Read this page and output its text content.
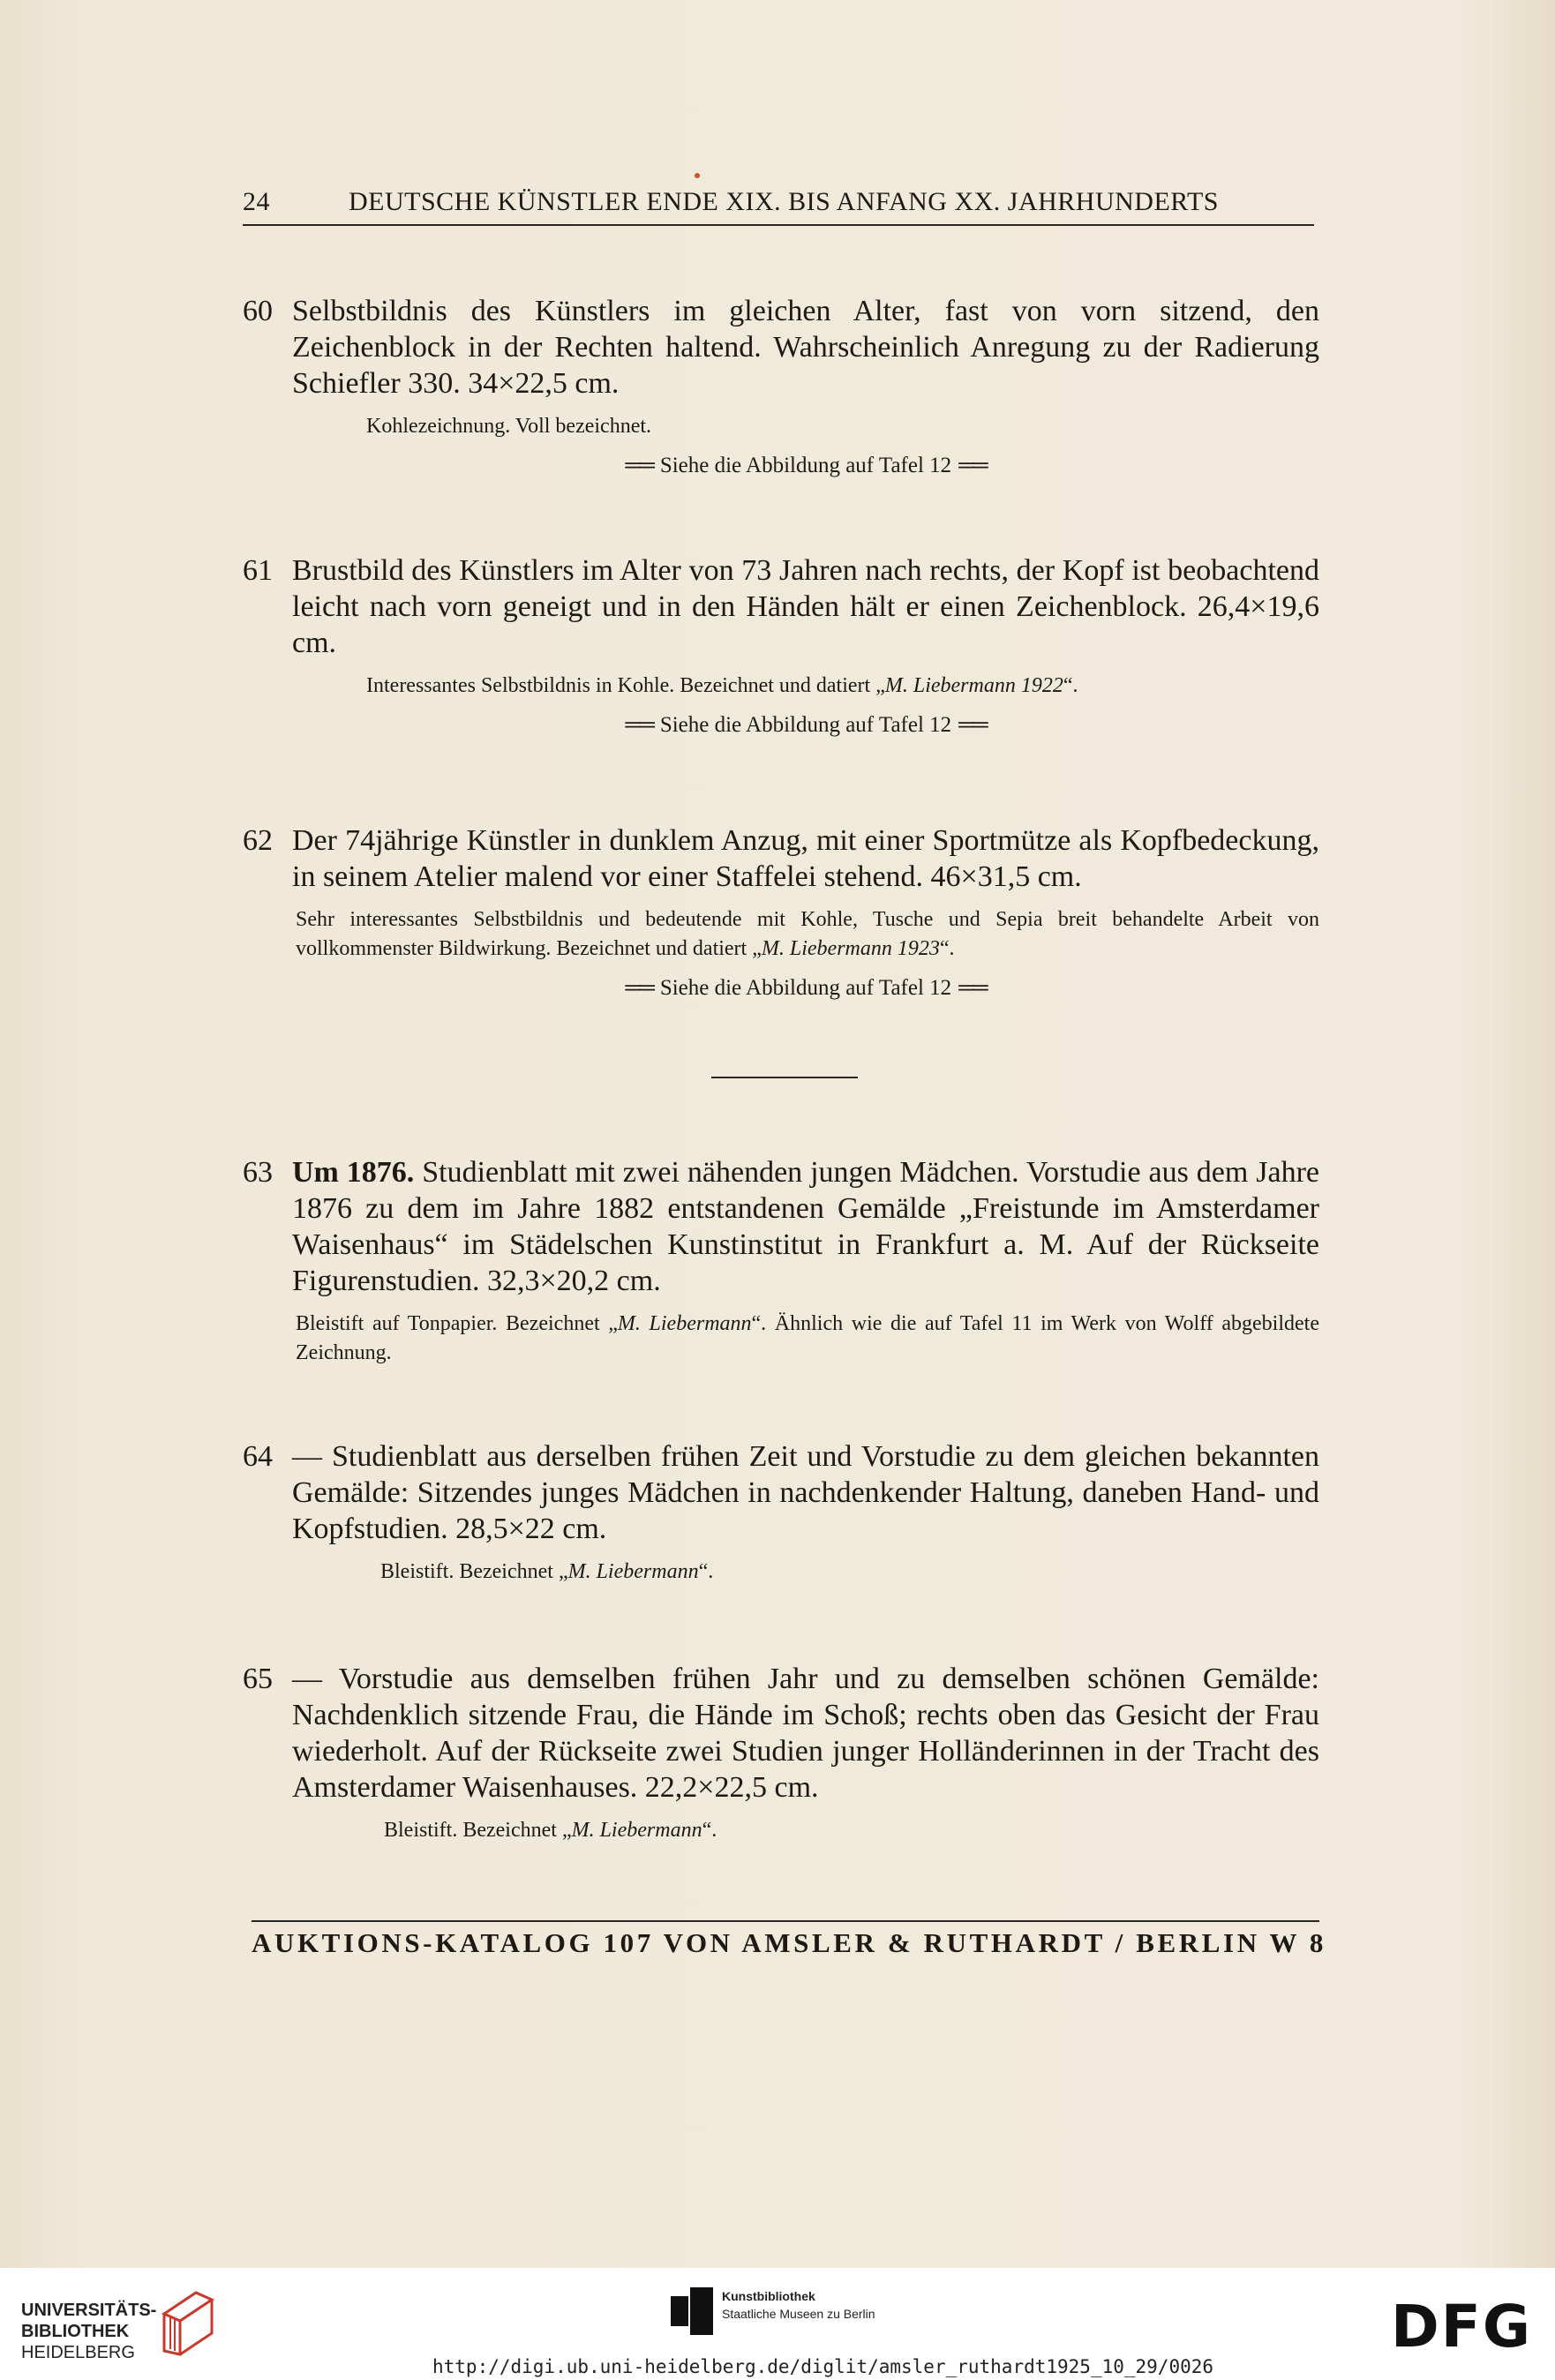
24	DEUTSCHE KÜNSTLER ENDE XIX. BIS ANFANG XX. JAHRHUNDERTS
60 Selbstbildnis des Künstlers im gleichen Alter, fast von vorn sitzend, den Zeichenblock in der Rechten haltend. Wahrscheinlich Anregung zu der Radierung Schiefler 330. 34×22,5 cm.
Kohlezeichnung. Voll bezeichnet.
══ Siehe die Abbildung auf Tafel 12 ══
61 Brustbild des Künstlers im Alter von 73 Jahren nach rechts, der Kopf ist beobachtend leicht nach vorn geneigt und in den Händen hält er einen Zeichenblock. 26,4×19,6 cm.
Interessantes Selbstbildnis in Kohle. Bezeichnet und datiert „M. Liebermann 1922“.
══ Siehe die Abbildung auf Tafel 12 ══
62 Der 74jährige Künstler in dunklem Anzug, mit einer Sportmütze als Kopfbedeckung, in seinem Atelier malend vor einer Staffelei stehend. 46×31,5 cm.
Sehr interessantes Selbstbildnis und bedeutende mit Kohle, Tusche und Sepia breit behandelte Arbeit von vollkommenster Bildwirkung. Bezeichnet und datiert „M. Liebermann 1923“.
══ Siehe die Abbildung auf Tafel 12 ══
63 Um 1876. Studienblatt mit zwei nähenden jungen Mädchen. Vorstudie aus dem Jahre 1876 zu dem im Jahre 1882 entstandenen Gemälde „Freistunde im Amsterdamer Waisenhaus“ im Städelschen Kunstinstitut in Frankfurt a. M. Auf der Rückseite Figurenstudien. 32,3×20,2 cm.
Bleistift auf Tonpapier. Bezeichnet „M. Liebermann“. Ähnlich wie die auf Tafel 11 im Werk von Wolff abgebildete Zeichnung.
64 — Studienblatt aus derselben frühen Zeit und Vorstudie zu dem gleichen bekannten Gemälde: Sitzendes junges Mädchen in nachdenkender Haltung, daneben Hand- und Kopfstudien. 28,5×22 cm.
Bleistift. Bezeichnet „M. Liebermann“.
65 — Vorstudie aus demselben frühen Jahr und zu demselben schönen Gemälde: Nachdenklich sitzende Frau, die Hände im Schoß; rechts oben das Gesicht der Frau wiederholt. Auf der Rückseite zwei Studien junger Holländerinnen in der Tracht des Amsterdamer Waisenhauses. 22,2×22,5 cm.
Bleistift. Bezeichnet „M. Liebermann“.
AUKTIONS-KATALOG 107 VON AMSLER & RUTHARDT / BERLIN W 8
UNIVERSITÄTS-
BIBLIOTHEK
HEIDELBERG
Kunstbibliothek
Staatliche Museen zu Berlin	DFG
http://digi.ub.uni-heidelberg.de/diglit/amsler_ruthardt1925_10_29/0026
